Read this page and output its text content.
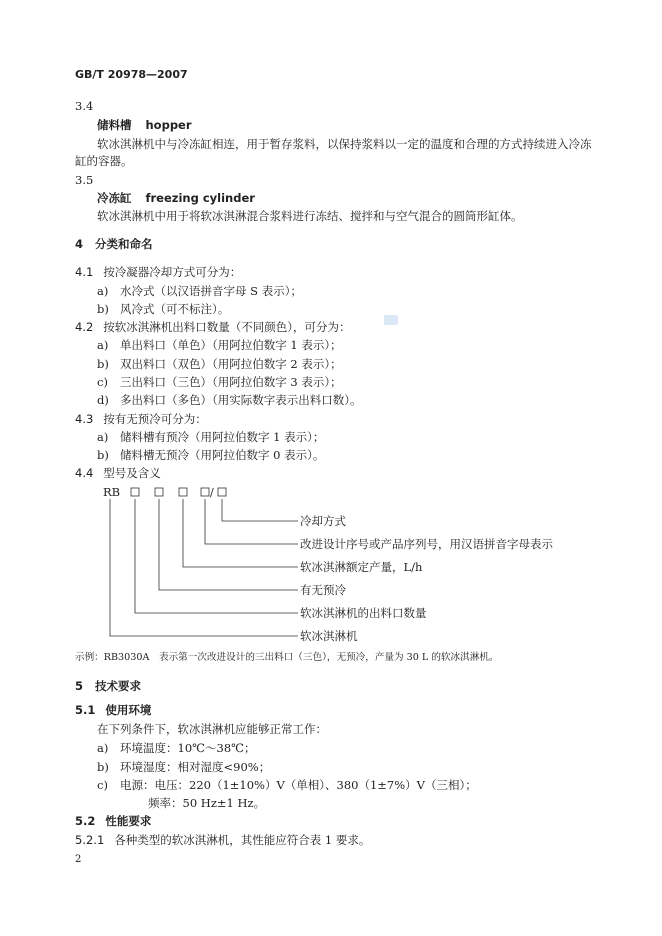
GB/T 20978—2007
3.4
储料槽 hopper
软冰淇淋机中与冷冻缸相连，用于暂存浆料，以保持浆料以一定的温度和合理的方式持续进入冷冻
缸的容器。
3.5
冷冻缸 freezing cylinder
软冰淇淋机中用于将软冰淇淋混合浆料进行冻结、搅拌和与空气混合的圆筒形缸体。
4 分类和命名
4.1 按冷凝器冷却方式可分为：
a) 水冷式（以汉语拼音字母 S 表示）；
b) 风冷式（可不标注）。
4.2 按软冰淇淋机出料口数量（不同颜色），可分为：
a) 单出料口（单色）（用阿拉伯数字 1 表示）；
b) 双出料口（双色）（用阿拉伯数字 2 表示）；
c) 三出料口（三色）（用阿拉伯数字 3 表示）；
d) 多出料口（多色）（用实际数字表示出料口数）。
4.3 按有无预冷可分为：
a) 储料槽有预冷（用阿拉伯数字 1 表示）；
b) 储料槽无预冷（用阿拉伯数字 0 表示）。
4.4 型号及含义
RB	/
冷却方式
改进设计序号或产品序列号，用汉语拼音字母表示
软冰淇淋额定产量，L/h
有无预冷
软冰淇淋机的出料口数量
软冰淇淋机
示例：RB3030A　表示第一次改进设计的三出料口（三色），无预冷，产量为 30 L 的软冰淇淋机。
5 技术要求
5.1 使用环境
在下列条件下，软冰淇淋机应能够正常工作：
a) 环境温度：10℃～38℃；
b) 环境湿度：相对湿度<90%；
c) 电源：电压：220（1±10%）V（单相）、380（1±7%）V（三相）；
频率：50 Hz±1 Hz。
5.2 性能要求
5.2.1 各种类型的软冰淇淋机，其性能应符合表 1 要求。
2
